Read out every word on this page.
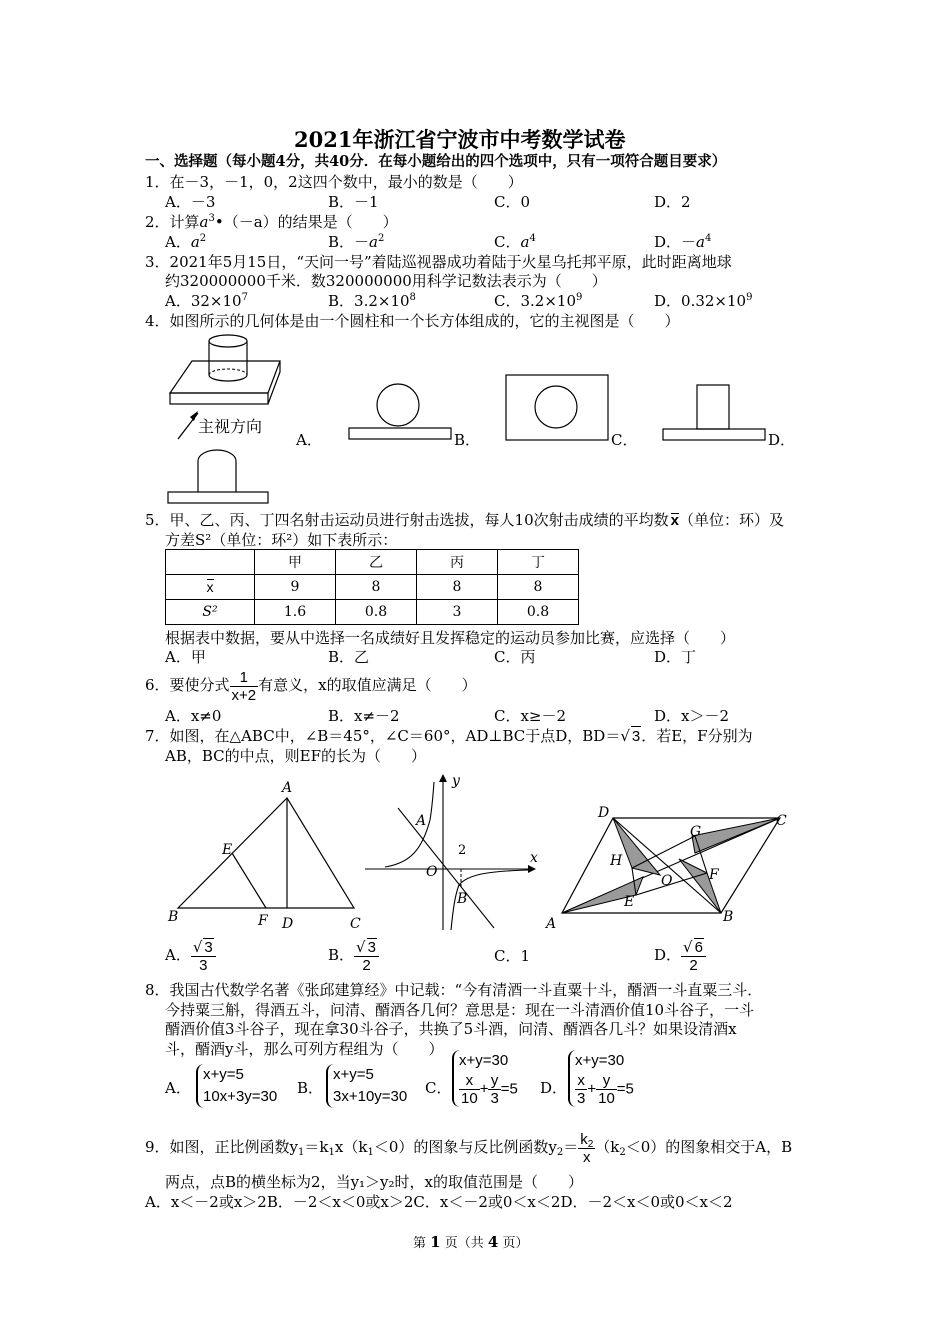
2021年浙江省宁波市中考数学试卷
一、选择题（每小题4分，共40分．在每小题给出的四个选项中，只有一项符合题目要求）
1．在－3，－1，0，2这四个数中，最小的数是（　　）
A．－3	B．－1	C．0	D．2
2．计算$a^3•(-a)$的结果是（　　）
A．$a^2$	B．$-a^2$	C．$a^4$	D．$-a^4$
3．2021年5月15日，“天问一号”着陆巡视器成功着陆于火星乌托邦平原，此时距离地球
约320000000千米．数320000000用科学记数法表示为（　　）
A．$32\times 10^7$	B．$3.2\times 10^8$	C．$3.2\times 10^9$	D．$0.32\times 10^9$
4．如图所示的几何体是由一个圆柱和一个长方体组成的，它的主视图是（　　）
主视方向
A．	B．	C．	D．
5．甲、乙、丙、丁四名射击运动员进行射击选拔，每人10次射击成绩的平均数 x（单位：环）及
方差S²（单位：环²）如下表所示：
	甲	乙	丙	丁
x	9	8	8	8
S²	1.6	0.8	3	0.8
根据表中数据，要从中选择一名成绩好且发挥稳定的运动员参加比赛，应选择（　　）
A．甲	B．乙	C．丙	D．丁
6．要使分式 $\frac{1}{x+2}$ 有意义，x的取值应满足（　　）
A．x≠0	B．x≠－2	C．x≥－2	D．x＞－2
7．如图，在△ABC中，∠B＝45°，∠C＝60°，AD⊥BC于点D，BD＝√ 3．若E，F分别为
AB，BC的中点，则EF的长为（　　）
A
B	C
D
E
F
y
x
O
A
B
2
D	C
A	B
E
F
G
H
O
A． $\frac{√ 3}{3}$	B． $\frac{√ 3}{2}$	C．1	D． $\frac{√ 6}{2}$
8．我国古代数学名著《张邱建算经》中记载：“今有清酒一斗直粟十斗，醑酒一斗直粟三斗．
今持粟三斛，得酒五斗，问清、醑酒各几何？意思是：现在一斗清酒价值10斗谷子，一斗
醑酒价值3斗谷子，现在拿30斗谷子，共换了5斗酒，问清、醑酒各几斗？如果设清酒x
斗，醑酒y斗，那么可列方程组为（　　）
A．
x+y=5
10x+3y=30 B．
x+y=5
3x+10y=30 C．
x+y=30

$\frac{x}{10} + \frac{y}{3} =5$ D．
x+y=30

$\frac{x}{3} + \frac{y}{10} =5$
9．如图，正比例函数$y_1=k_1x(k_1<0)$的图象与反比例函数$y_2= \frac{k_2}{x} (k_2<0)$的图象相交于A，B
两点，点B的横坐标为2，当y₁＞y₂时，x的取值范围是（　　）
A．x＜－2或x＞2B．－2＜x＜0或x＞2C．x＜－2或0＜x＜2D．－2＜x＜0或0＜x＜2
第 1 页（共 4 页）
